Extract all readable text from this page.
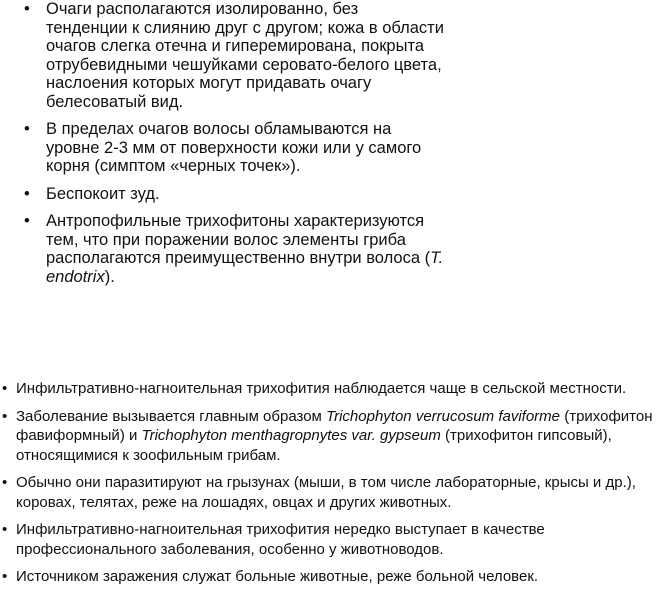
• Очаги располагаются изолированно, без тенденции к слиянию друг с другом; кожа в области очагов слегка отечна и гиперемирована, покрыта отрубевидными чешуйками серовато-белого цвета, наслоения которых могут придавать очагу белесоватый вид.
• В пределах очагов волосы обламываются на уровне 2-3 мм от поверхности кожи или у самого корня (симптом «черных точек»).
• Беспокоит зуд.
• Антропофильные трихофитоны характеризуются тем, что при поражении волос элементы гриба располагаются преимущественно внутри волоса (T. endotrix).
• Инфильтративно-нагноительная трихофития наблюдается чаще в сельской местности.
• Заболевание вызывается главным образом Trichophyton verrucosum faviforme (трихофитон фавиформный) и Trichophyton menthagropnytes var. gypseum (трихофитон гипсовый), относящимися к зоофильным грибам.
• Обычно они паразитируют на грызунах (мыши, в том числе лабораторные, крысы и др.), коровах, телятах, реже на лошадях, овцах и других животных.
• Инфильтративно-нагноительная трихофития нередко выступает в качестве профессионального заболевания, особенно у животноводов.
• Источником заражения служат больные животные, реже больной человек.
